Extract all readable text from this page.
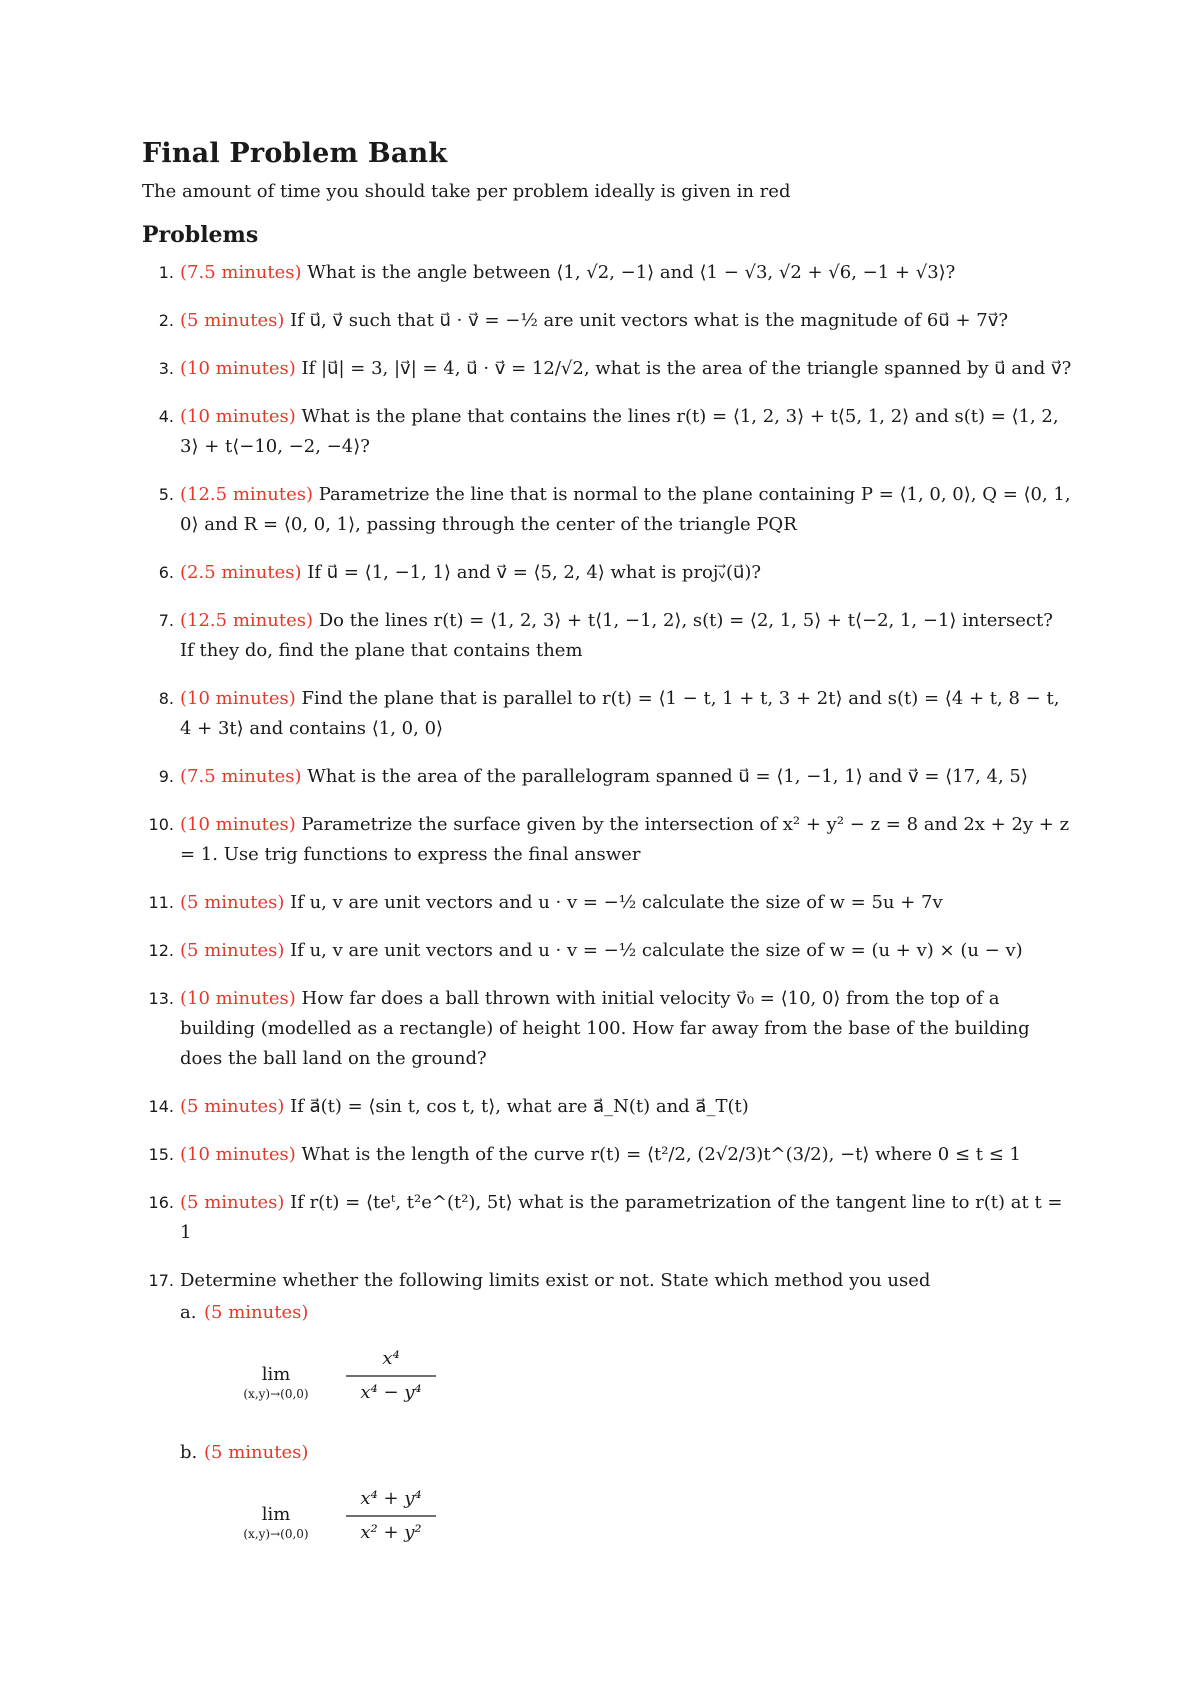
Final Problem Bank

The amount of time you should take per problem ideally is given in red

Problems
1. (7.5 minutes) What is the angle between ⟨1, √2, −1⟩ and ⟨1 − √3, √2 + √6, −1 + √3⟩?
2. (5 minutes) If u⃗, v⃗ such that u⃗ · v⃗ = −½ are unit vectors what is the magnitude of 6u⃗ + 7v⃗?
3. (10 minutes) If |u⃗| = 3, |v⃗| = 4, u⃗ · v⃗ = 12/√2, what is the area of the triangle spanned by u⃗ and v⃗?
4. (10 minutes) What is the plane that contains the lines r(t) = ⟨1, 2, 3⟩ + t⟨5, 1, 2⟩ and s(t) = ⟨1, 2, 3⟩ + t⟨−10, −2, −4⟩?
5. (12.5 minutes) Parametrize the line that is normal to the plane containing P = ⟨1, 0, 0⟩, Q = ⟨0, 1, 0⟩ and R = ⟨0, 0, 1⟩, passing through the center of the triangle PQR
6. (2.5 minutes) If u⃗ = ⟨1, −1, 1⟩ and v⃗ = ⟨5, 2, 4⟩ what is projᵥ⃗(u⃗)?
7. (12.5 minutes) Do the lines r(t) = ⟨1, 2, 3⟩ + t⟨1, −1, 2⟩, s(t) = ⟨2, 1, 5⟩ + t⟨−2, 1, −1⟩ intersect? If they do, find the plane that contains them
8. (10 minutes) Find the plane that is parallel to r(t) = ⟨1 − t, 1 + t, 3 + 2t⟩ and s(t) = ⟨4 + t, 8 − t, 4 + 3t⟩ and contains ⟨1, 0, 0⟩
9. (7.5 minutes) What is the area of the parallelogram spanned u⃗ = ⟨1, −1, 1⟩ and v⃗ = ⟨17, 4, 5⟩
10. (10 minutes) Parametrize the surface given by the intersection of x² + y² − z = 8 and 2x + 2y + z = 1. Use trig functions to express the final answer
11. (5 minutes) If u, v are unit vectors and u · v = −½ calculate the size of w = 5u + 7v
12. (5 minutes) If u, v are unit vectors and u · v = −½ calculate the size of w = (u + v) × (u − v)
13. (10 minutes) How far does a ball thrown with initial velocity v⃗₀ = ⟨10, 0⟩ from the top of a building (modelled as a rectangle) of height 100. How far away from the base of the building does the ball land on the ground?
14. (5 minutes) If a⃗(t) = ⟨sin t, cos t, t⟩, what are a⃗_N(t) and a⃗_T(t)
15. (10 minutes) What is the length of the curve r(t) = ⟨t²/2, (2√2/3)t^(3/2), −t⟩ where 0 ≤ t ≤ 1
16. (5 minutes) If r(t) = ⟨teᵗ, t²e^(t²), 5t⟩ what is the parametrization of the tangent line to r(t) at t = 1
17. Determine whether the following limits exist or not. State which method you used
a. (5 minutes)
lim
(x,y)→(0,0)
x⁴
x⁴ − y⁴
b. (5 minutes)
lim
(x,y)→(0,0)
x⁴ + y⁴
x² + y²
